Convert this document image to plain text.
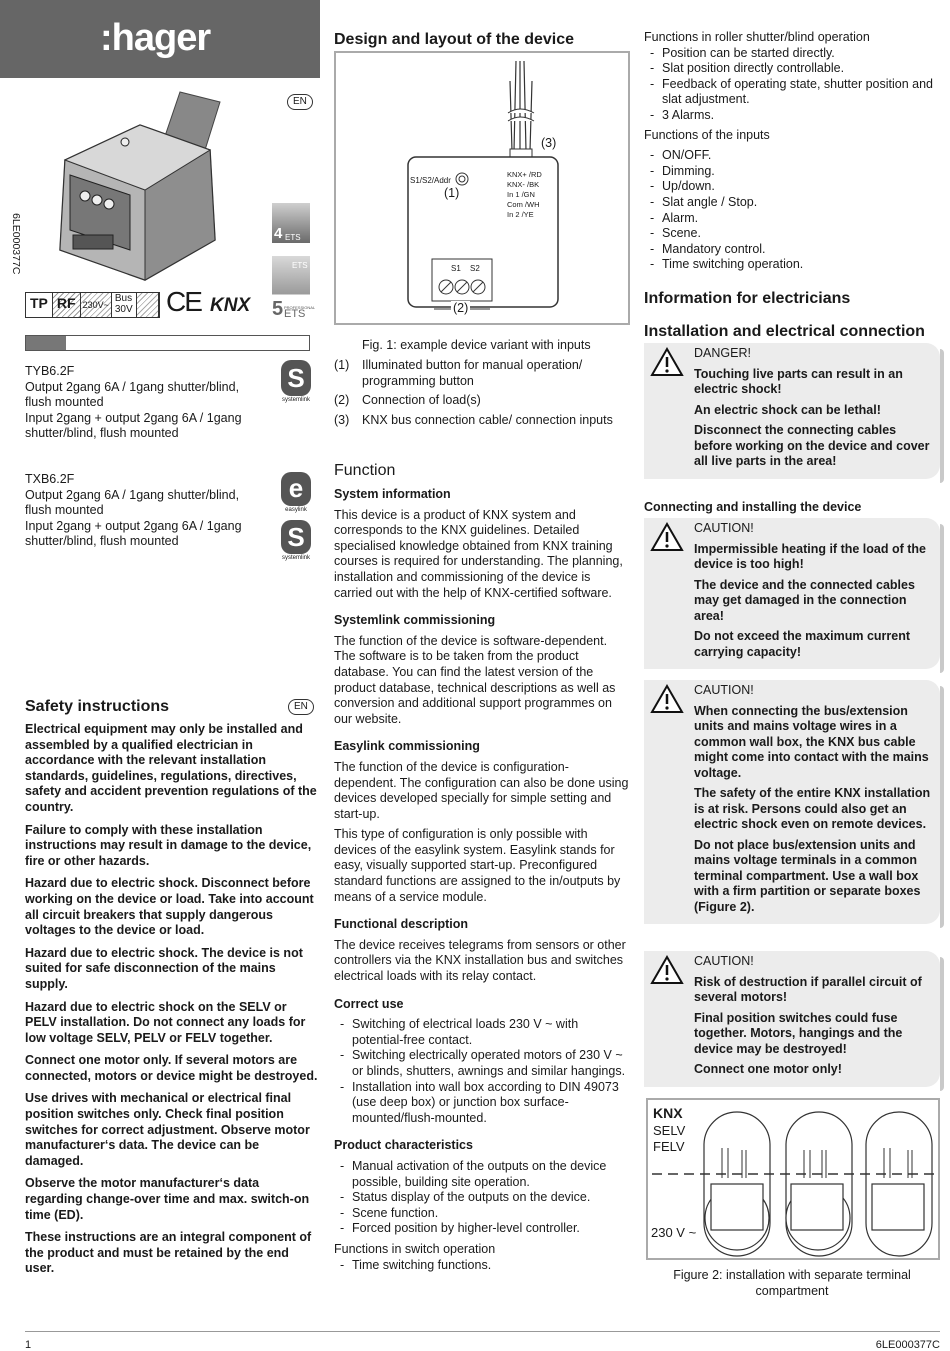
:hager
EN
6LE000377C	4 ETS
ETS
5 PROFESSIONAL
ETS
TP RF 230V~
Bus
30V CE KNX
TYB6.2F
Output 2gang 6A / 1gang shutter/blind,
flush mounted
Input 2gang + output 2gang 6A / 1gang
shutter/blind, flush mounted
TXB6.2F
Output 2gang 6A / 1gang shutter/blind,
flush mounted
Input 2gang + output 2gang 6A / 1gang
shutter/blind, flush mounted
S
systemlink
e
easylink
S
systemlink
Safety instructions	EN

Electrical equipment may only be installed and assembled by a qualified electrician in accordance with the relevant installation standards, guidelines, regulations, directives, safety and accident prevention regulations of the country.

Failure to comply with these installation instructions may result in damage to the device, fire or other hazards.

Hazard due to electric shock. Disconnect before working on the device or load. Take into account all circuit breakers that supply dangerous voltages to the device or load.

Hazard due to electric shock. The device is not suited for safe disconnection of the mains supply.

Hazard due to electric shock on the SELV or PELV installation. Do not connect any loads for low voltage SELV, PELV or FELV together.

Connect one motor only. If several motors are connected, motors or device might be destroyed.

Use drives with mechanical or electrical final position switches only. Check final position switches for correct adjustment. Observe motor manufacturer‘s data. The device can be damaged.

Observe the motor manufacturer‘s data regarding change-over time and max. switch-on time (ED).

These instructions are an integral component of the product and must be retained by the end user.

Design and layout of the device
(3)
(1)
(2)
S1/S2/Addr
KNX+ /RD
KNX- /BK
In 1 /GN
Com /WH
In 2 /YE
S1 S2
Fig. 1: example device variant with inputs
(1) Illuminated button for manual operation/ programming button
(2) Connection of load(s)
(3) KNX bus connection cable/ connection inputs
Function
System information

This device is a product of KNX system and corresponds to the KNX guidelines. Detailed specialised knowledge obtained from KNX training courses is required for understanding. The planning, installation and commissioning of the device is carried out with the help of KNX-certified software.

Systemlink commissioning

The function of the device is software-dependent. The software is to be taken from the product database. You can find the latest version of the product database, technical descriptions as well as conversion and additional support programmes on our website.

Easylink commissioning

The function of the device is configuration-dependent. The configuration can also be done using devices developed specially for simple setting and start-up.

This type of configuration is only possible with devices of the easylink system. Easylink stands for easy, visually supported start-up. Preconfigured standard functions are assigned to the in/outputs by means of a service module.

Functional description

The device receives telegrams from sensors or other controllers via the KNX installation bus and switches electrical loads with its relay contact.

Correct use
- Switching of electrical loads 230 V ~ with potential-free contact.
- Switching electrically operated motors of 230 V ~ or blinds, shutters, awnings and similar hangings.
- Installation into wall box according to DIN 49073 (use deep box) or junction box surface-mounted/flush-mounted.
Product characteristics
- Manual activation of the outputs on the device possible, building site operation.
- Status display of the outputs on the device.
- Scene function.
- Forced position by higher-level controller.
Functions in switch operation
- Time switching functions.
Functions in roller shutter/blind operation
- Position can be started directly.
- Slat position directly controllable.
- Feedback of operating state, shutter position and slat adjustment.
- 3 Alarms.
Functions of the inputs
- ON/OFF.
- Dimming.
- Up/down.
- Slat angle / Stop.
- Alarm.
- Scene.
- Mandatory control.
- Time switching operation.
Information for electricians
Installation and electrical connection
DANGER!

Touching live parts can result in an electric shock!

An electric shock can be lethal!

Disconnect the connecting cables before working on the device and cover all live parts in the area!

Connecting and installing the device
CAUTION!

Impermissible heating if the load of the device is too high!

The device and the connected cables may get damaged in the connection area!

Do not exceed the maximum current carrying capacity!

CAUTION!

When connecting the bus/extension units and mains voltage wires in a common wall box, the KNX bus cable might come into contact with the mains voltage.

The safety of the entire KNX installation is at risk. Persons could also get an electric shock even on remote devices.

Do not place bus/extension units and mains voltage terminals in a common terminal compartment. Use a wall box with a firm partition or separate boxes (Figure 2).

CAUTION!

Risk of destruction if parallel circuit of several motors!

Final position switches could fuse together. Motors, hangings and the device may be destroyed!

Connect one motor only!

KNX
SELV
FELV
230 V ~
Figure 2: installation with separate terminal compartment
1	6LE000377C
